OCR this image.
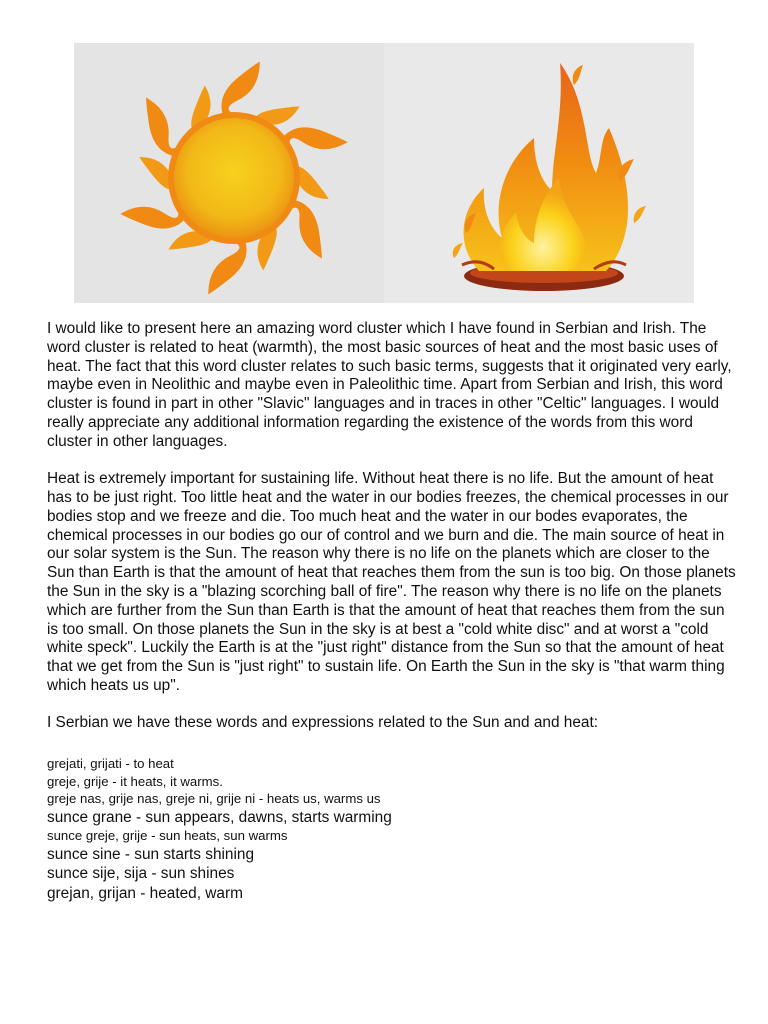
I would like to present here an amazing word cluster which I have found in Serbian and Irish. The word cluster is related to heat (warmth), the most basic sources of heat and the most basic uses of heat. The fact that this word cluster relates to such basic terms, suggests that it originated very early, maybe even in Neolithic and maybe even in Paleolithic time. Apart from Serbian and Irish, this word cluster is found in part in other "Slavic" languages and in traces in other "Celtic" languages. I would really appreciate any additional information regarding the existence of the words from this word cluster in other languages.

Heat is extremely important for sustaining life. Without heat there is no life. But the amount of heat has to be just right. Too little heat and the water in our bodies freezes, the chemical processes in our bodies stop and we freeze and die. Too much heat and the water in our bodes evaporates, the chemical processes in our bodies go our of control and we burn and die. The main source of heat in our solar system is the Sun. The reason why there is no life on the planets which are closer to the Sun than Earth is that the amount of heat that reaches them from the sun is too big. On those planets the Sun in the sky is a "blazing scorching ball of fire". The reason why there is no life on the planets which are further from the Sun than Earth is that the amount of heat that reaches them from the sun is too small. On those planets the Sun in the sky is at best a "cold white disc" and at worst a "cold white speck". Luckily the Earth is at the "just right" distance from the Sun so that the amount of heat that we get from the Sun is "just right" to sustain life. On Earth the Sun in the sky is "that warm thing which heats us up".

I Serbian we have these words and expressions related to the Sun and and heat:

grejati, grijati - to heat
greje, grije - it heats, it warms.
greje nas, grije nas, greje ni, grije ni - heats us, warms us
sunce grane - sun appears, dawns, starts warming
sunce greje, grije - sun heats, sun warms
sunce sine - sun starts shining
sunce sije, sija - sun shines
grejan, grijan - heated, warm
